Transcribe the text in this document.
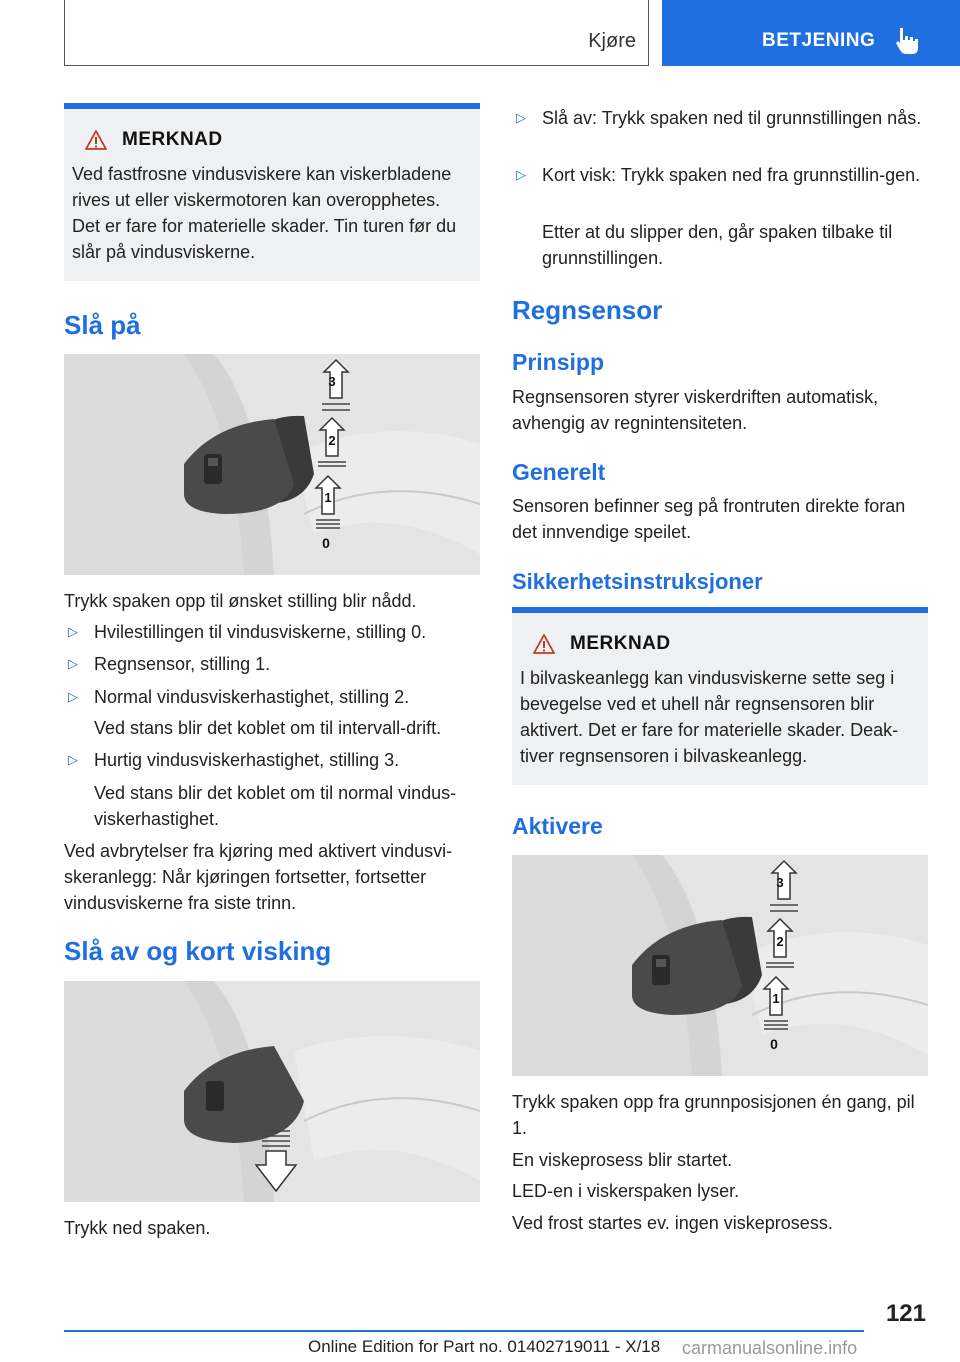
Kjøre	BETJENING
MERKNAD
Ved fastfrosne vindusviskere kan viskerbladene rives ut eller viskermotoren kan overopphetes. Det er fare for materielle skader. Tin turen før du slår på vindusviskerne.
Slå på
3
2
1
0
Trykk spaken opp til ønsket stilling blir nådd.
▷ Hvilestillingen til vindusviskerne, stilling 0.
▷ Regnsensor, stilling 1.
▷ Normal vindusviskerhastighet, stilling 2.
Ved stans blir det koblet om til intervall-drift.
▷ Hurtig vindusviskerhastighet, stilling 3.
Ved stans blir det koblet om til normal vindus-viskerhastighet.
Ved avbrytelser fra kjøring med aktivert vindusvi-skeranlegg: Når kjøringen fortsetter, fortsetter vindusviskerne fra siste trinn.
Slå av og kort visking
Trykk ned spaken.
▷ Slå av: Trykk spaken ned til grunnstillingen nås.
▷ Kort visk: Trykk spaken ned fra grunnstillin-gen.
Etter at du slipper den, går spaken tilbake til grunnstillingen.
Regnsensor
Prinsipp
Regnsensoren styrer viskerdriften automatisk, avhengig av regnintensiteten.
Generelt
Sensoren befinner seg på frontruten direkte foran det innvendige speilet.
Sikkerhetsinstruksjoner
MERKNAD
I bilvaskeanlegg kan vindusviskerne sette seg i bevegelse ved et uhell når regnsensoren blir aktivert. Det er fare for materielle skader. Deak-tiver regnsensoren i bilvaskeanlegg.
Aktivere
3
2
1
0
Trykk spaken opp fra grunnposisjonen én gang, pil 1.
En viskeprosess blir startet.
LED-en i viskerspaken lyser.
Ved frost startes ev. ingen viskeprosess.
121
Online Edition for Part no. 01402719011 - X/18 carmanualsonline.info
